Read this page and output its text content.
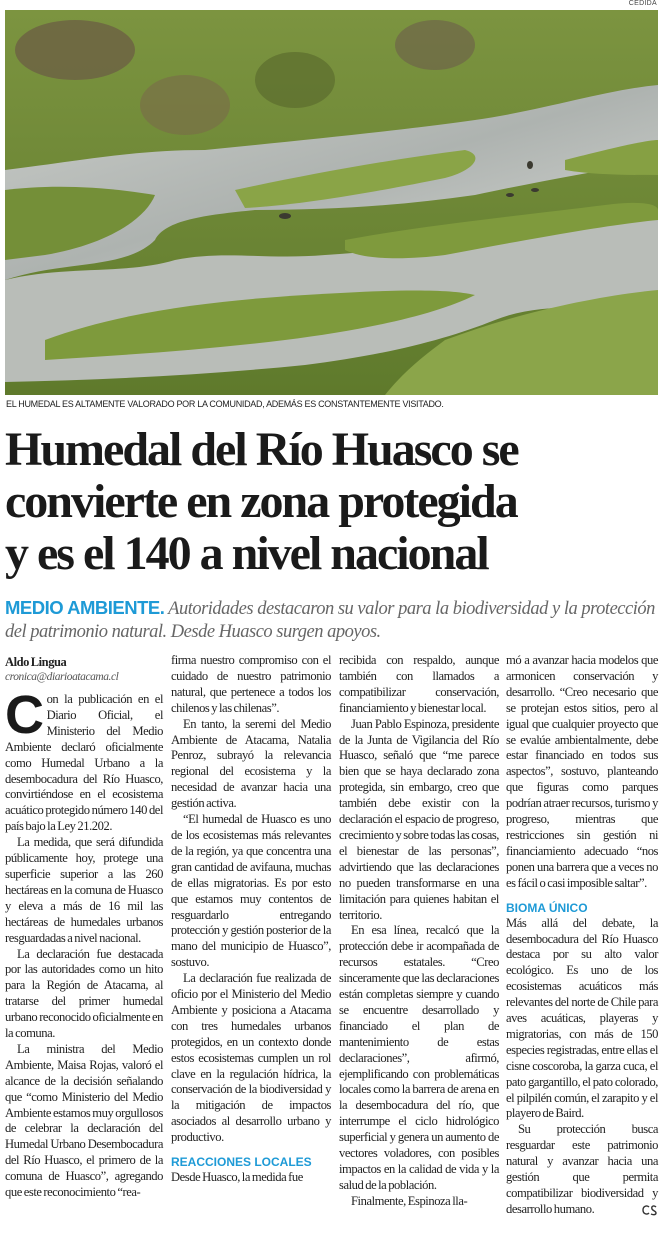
CEDIDA
EL HUMEDAL ES ALTAMENTE VALORADO POR LA COMUNIDAD, ADEMÁS ES CONSTANTEMENTE VISITADO.
Humedal del Río Huasco se
convierte en zona protegida
y es el 140 a nivel nacional
MEDIO AMBIENTE. Autoridades destacaron su valor para la biodiversidad y la protección del patrimonio natural. Desde Huasco surgen apoyos.
Aldo Lingua
cronica@diarioatacama.cl

Con la publicación en el Diario Oficial, el Ministerio del Medio Ambiente declaró oficialmente como Humedal Urbano a la desembocadura del Río Huasco, convirtiéndose en el ecosistema acuático protegido número 140 del país bajo la Ley 21.202.

La medida, que será difundida públicamente hoy, protege una superficie superior a las 260 hectáreas en la comuna de Huasco y eleva a más de 16 mil las hectáreas de humedales urbanos resguardadas a nivel nacional.

La declaración fue destacada por las autoridades como un hito para la Región de Atacama, al tratarse del primer humedal urbano reconocido oficialmente en la comuna.

La ministra del Medio Ambiente, Maisa Rojas, valoró el alcance de la decisión señalando que “como Ministerio del Medio Ambiente estamos muy orgullosos de celebrar la declaración del Humedal Urbano Desembocadura del Río Huasco, el primero de la comuna de Huasco”, agregando que este reconocimiento “rea-

firma nuestro compromiso con el cuidado de nuestro patrimonio natural, que pertenece a todos los chilenos y las chilenas”.

En tanto, la seremi del Medio Ambiente de Atacama, Natalia Penroz, subrayó la relevancia regional del ecosistema y la necesidad de avanzar hacia una gestión activa.

“El humedal de Huasco es uno de los ecosistemas más relevantes de la región, ya que concentra una gran cantidad de avifauna, muchas de ellas migratorias. Es por esto que estamos muy contentos de resguardarlo entregando protección y gestión posterior de la mano del municipio de Huasco”, sostuvo.

La declaración fue realizada de oficio por el Ministerio del Medio Ambiente y posiciona a Atacama con tres humedales urbanos protegidos, en un contexto donde estos ecosistemas cumplen un rol clave en la regulación hídrica, la conservación de la biodiversidad y la mitigación de impactos asociados al desarrollo urbano y productivo.

REACCIONES LOCALES

Desde Huasco, la medida fue

recibida con respaldo, aunque también con llamados a compatibilizar conservación, financiamiento y bienestar local.

Juan Pablo Espinoza, presidente de la Junta de Vigilancia del Río Huasco, señaló que “me parece bien que se haya declarado zona protegida, sin embargo, creo que también debe existir con la declaración el espacio de progreso, crecimiento y sobre todas las cosas, el bienestar de las personas”, advirtiendo que las declaraciones no pueden transformarse en una limitación para quienes habitan el territorio.

En esa línea, recalcó que la protección debe ir acompañada de recursos estatales. “Creo sinceramente que las declaraciones están completas siempre y cuando se encuentre desarrollado y financiado el plan de mantenimiento de estas declaraciones”, afirmó, ejemplificando con problemáticas locales como la barrera de arena en la desembocadura del río, que interrumpe el ciclo hidrológico superficial y genera un aumento de vectores voladores, con posibles impactos en la calidad de vida y la salud de la población.

Finalmente, Espinoza lla-

mó a avanzar hacia modelos que armonicen conservación y desarrollo. “Creo necesario que se protejan estos sitios, pero al igual que cualquier proyecto que se evalúe ambientalmente, debe estar financiado en todos sus aspectos”, sostuvo, planteando que figuras como parques podrían atraer recursos, turismo y progreso, mientras que restricciones sin gestión ni financiamiento adecuado “nos ponen una barrera que a veces no es fácil o casi imposible saltar”.

BIOMA ÚNICO

Más allá del debate, la desembocadura del Río Huasco destaca por su alto valor ecológico. Es uno de los ecosistemas acuáticos más relevantes del norte de Chile para aves acuáticas, playeras y migratorias, con más de 150 especies registradas, entre ellas el cisne coscoroba, la garza cuca, el pato gargantillo, el pato colorado, el pilpilén común, el zarapito y el playero de Baird.

Su protección busca resguardar este patrimonio natural y avanzar hacia una gestión que permita compatibilizar biodiversidad y desarrollo humano.
